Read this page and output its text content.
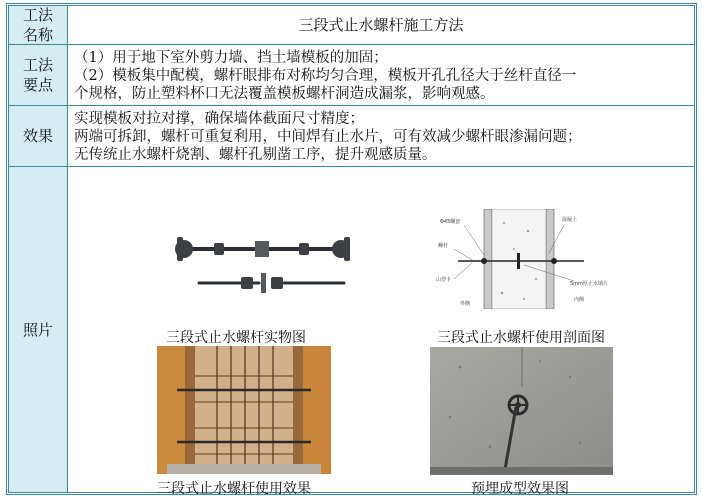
工法
名称
三段式止水螺杆施工方法
工法
要点
（1）用于地下室外剪力墙、挡土墙模板的加固；
（2）模板集中配模，螺杆眼排布对称均匀合理，模板开孔孔径大于丝杆直径一
个规格，防止塑料杯口无法覆盖模板螺杆洞造成漏浆，影响观感。
效果
实现模板对拉对撑，确保墙体截面尺寸精度；
两端可拆卸，螺杆可重复利用，中间焊有止水片，可有效减少螺杆眼渗漏问题；
无传统止水螺杆烧割、螺杆孔剔凿工序，提升观感质量。
照片	三段式止水螺杆实物图
Φ45螺套
螺杆
山型卡
混凝土
5mm厚止水钢片
外侧
内侧
三段式止水螺杆使用剖面图
三段式止水螺杆使用效果	预埋成型效果图
